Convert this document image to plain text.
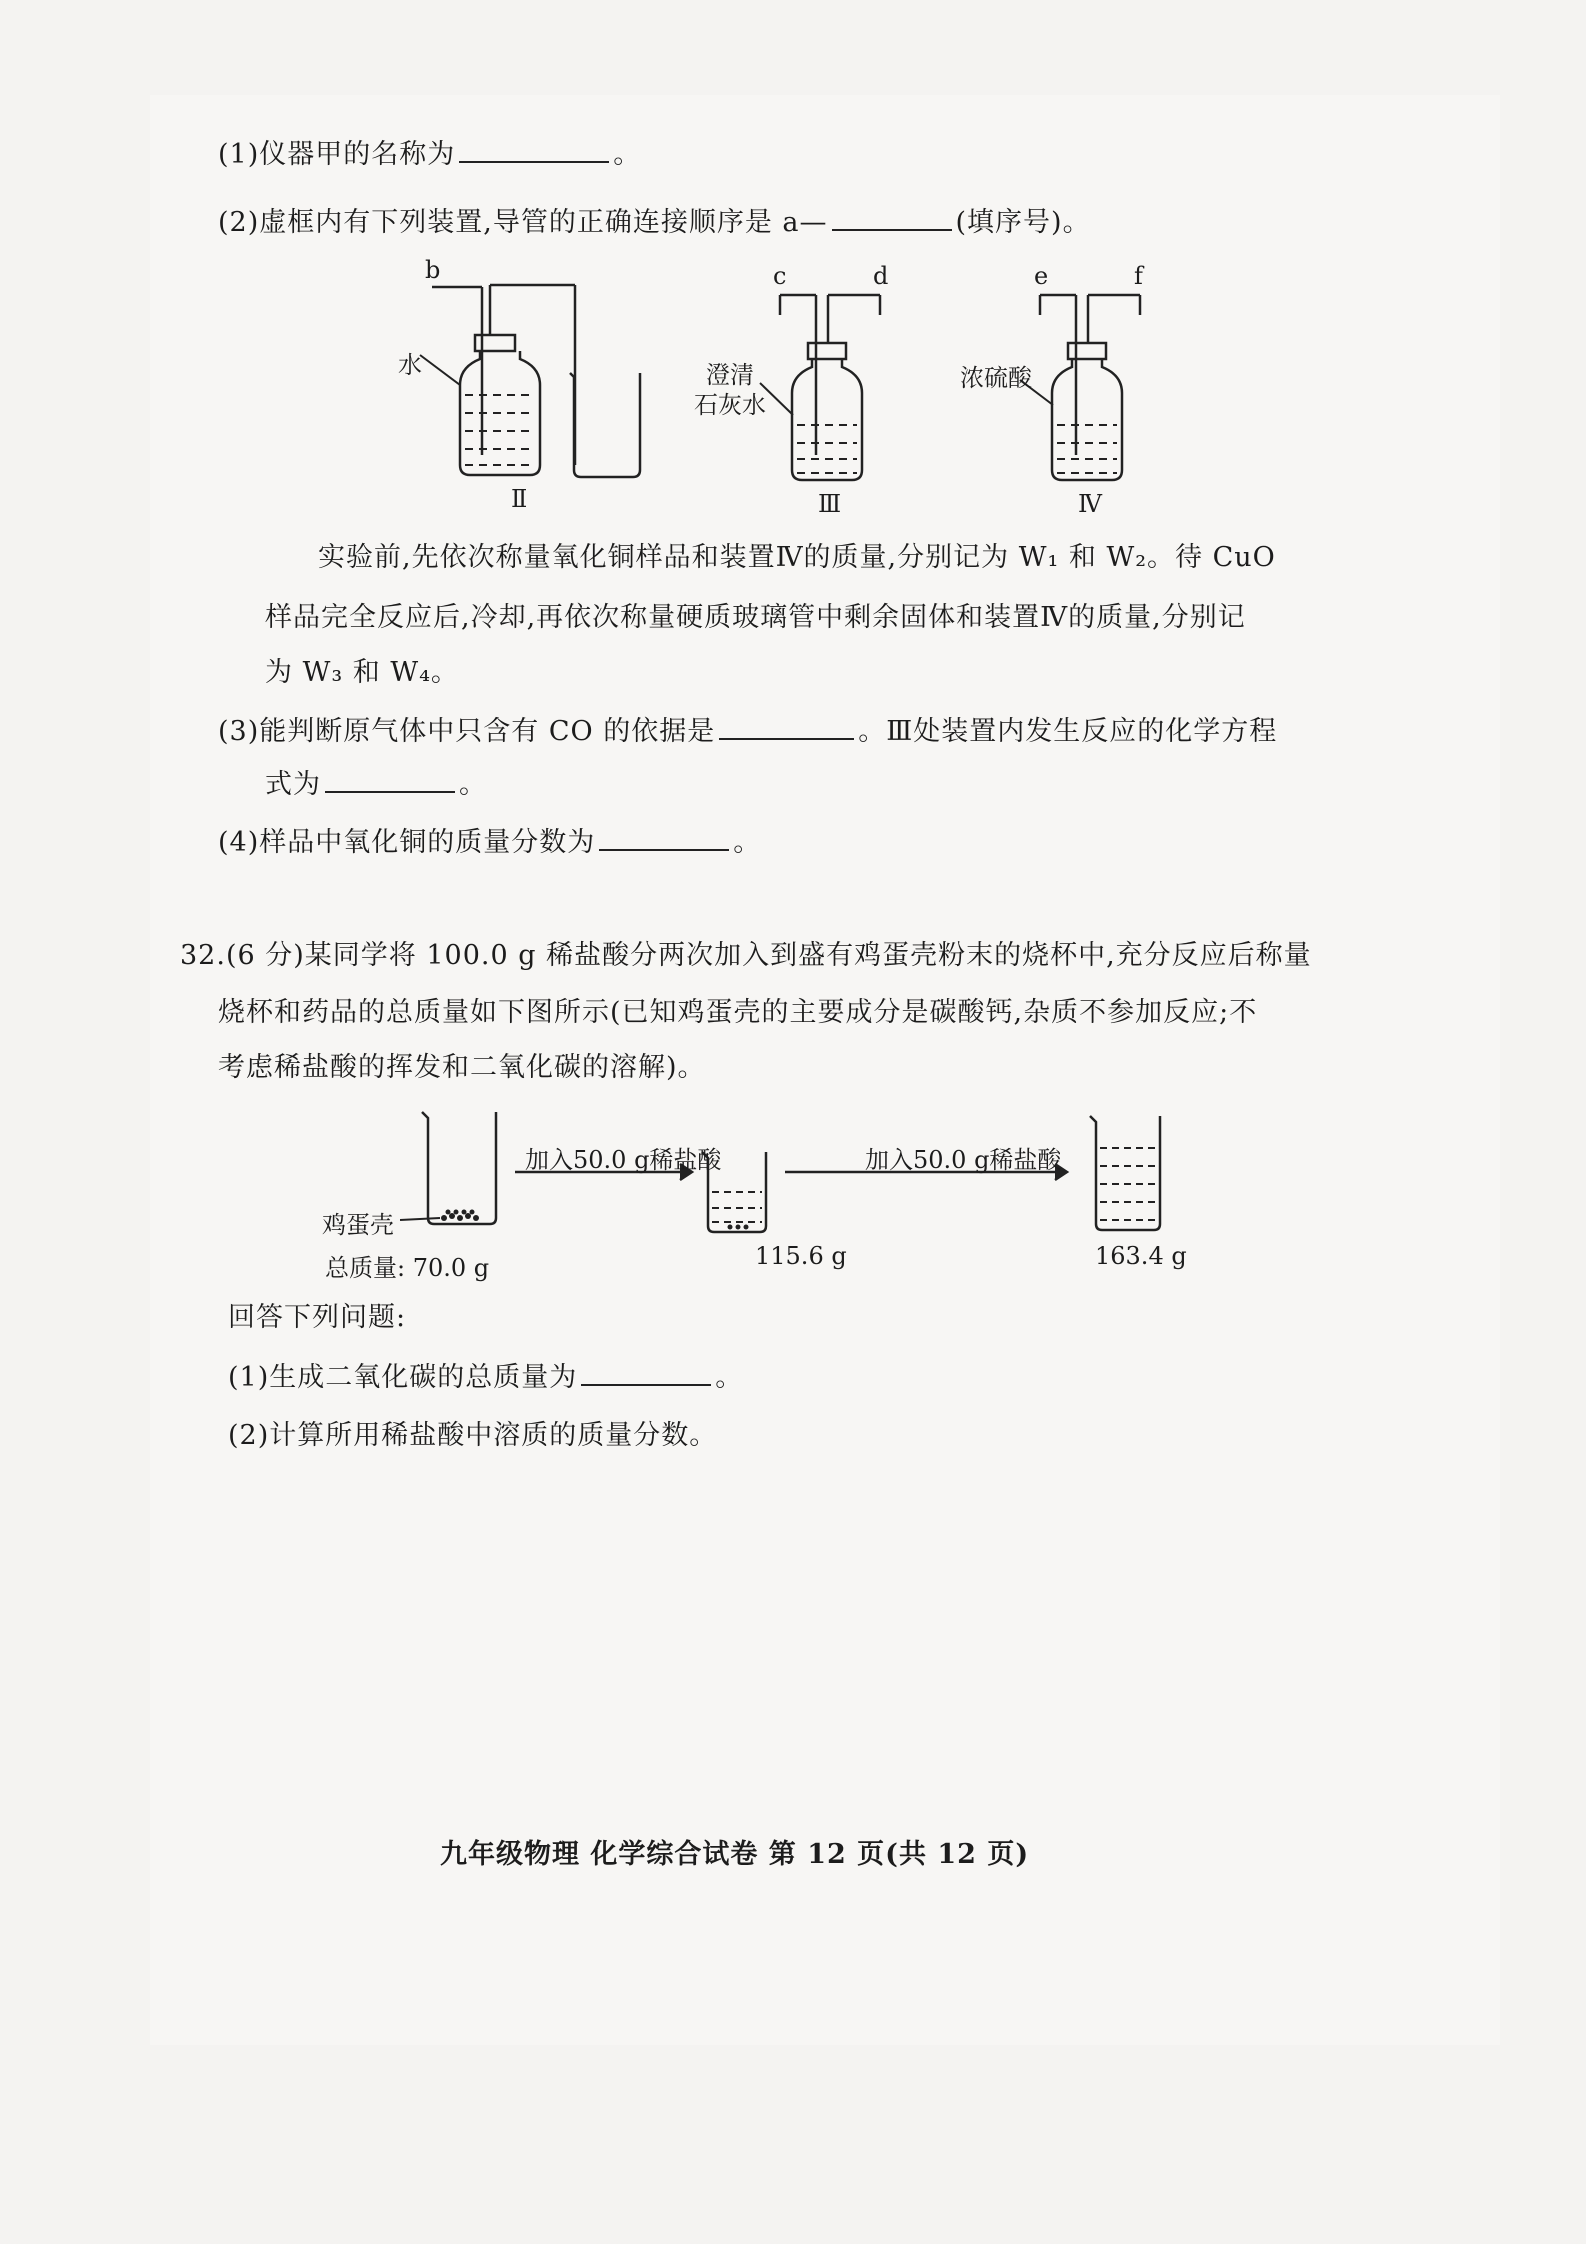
(1)仪器甲的名称为	。
(2)虚框内有下列装置,导管的正确连接顺序是 a—	(填序号)。
b
水
Ⅱ
c	d
澄清
石灰水
Ⅲ
e	f
浓硫酸
Ⅳ
实验前,先依次称量氧化铜样品和装置Ⅳ的质量,分别记为 W₁ 和 W₂。待 CuO
样品完全反应后,冷却,再依次称量硬质玻璃管中剩余固体和装置Ⅳ的质量,分别记
为 W₃ 和 W₄。
(3)能判断原气体中只含有 CO 的依据是	。Ⅲ处装置内发生反应的化学方程
式为	。
(4)样品中氧化铜的质量分数为	。
32.(6 分)某同学将 100.0 g 稀盐酸分两次加入到盛有鸡蛋壳粉末的烧杯中,充分反应后称量
烧杯和药品的总质量如下图所示(已知鸡蛋壳的主要成分是碳酸钙,杂质不参加反应;不
考虑稀盐酸的挥发和二氧化碳的溶解)。
鸡蛋壳
总质量: 70.0 g
加入50.0 g稀盐酸
115.6 g
加入50.0 g稀盐酸
163.4 g
回答下列问题:
(1)生成二氧化碳的总质量为	。
(2)计算所用稀盐酸中溶质的质量分数。
九年级物理 化学综合试卷 第 12 页(共 12 页)
